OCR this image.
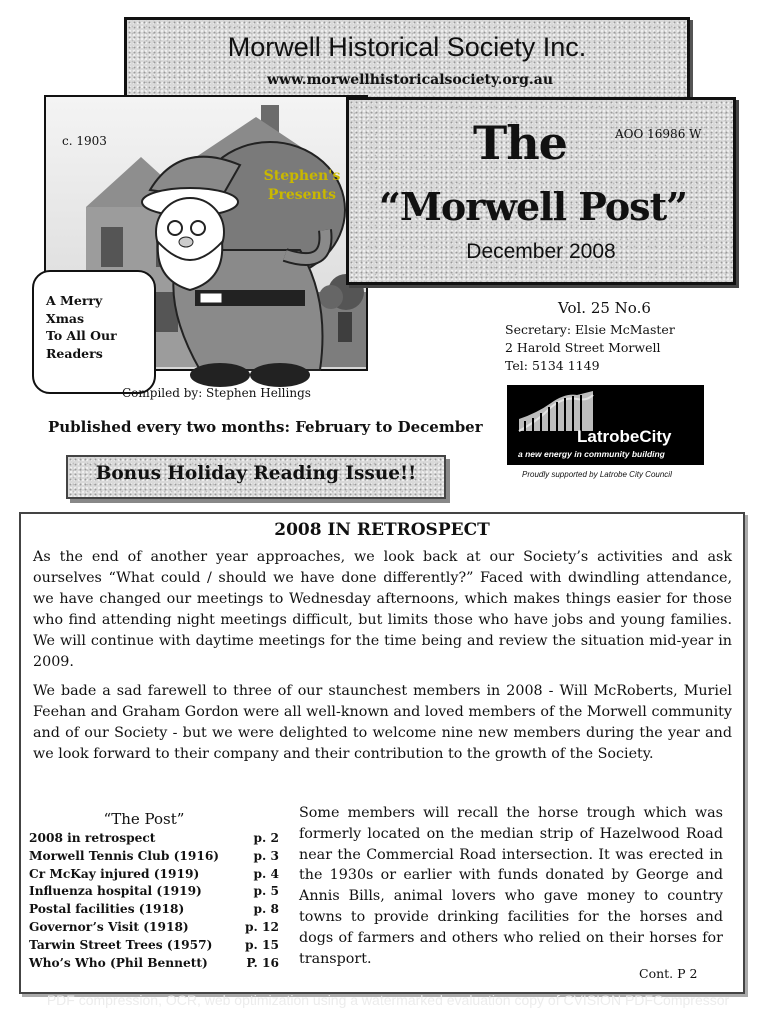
Morwell Historical Society Inc.
www.morwellhistoricalsociety.org.au
c. 1903
Stephen's
Presents
A Merry
Xmas
To All Our
Readers
Compiled by: Stephen Hellings
The	AOO 16986 W
“Morwell Post”
December 2008
Vol. 25 No.6
Secretary: Elsie McMaster
2 Harold Street Morwell
Tel: 5134 1149
LatrobeCity
a new energy in community building
Proudly supported by Latrobe City Council
Published every two months: February to December
Bonus Holiday Reading Issue!!
2008 IN RETROSPECT
As the end of another year approaches, we look back at our Society’s activities and ask ourselves “What could / should we have done differently?” Faced with dwindling attendance, we have changed our meetings to Wednesday afternoons, which makes things easier for those who find attending night meetings difficult, but limits those who have jobs and young families. We will continue with daytime meetings for the time being and review the situation mid-year in 2009.
We bade a sad farewell to three of our staunchest members in 2008 - Will McRoberts, Muriel Feehan and Graham Gordon were all well-known and loved members of the Morwell community and of our Society - but we were delighted to welcome nine new members during the year and we look forward to their company and their contribution to the growth of the Society.
“The Post”
2008 in retrospect	p. 2
Morwell Tennis Club (1916)	p. 3
Cr McKay injured (1919)	p. 4
Influenza hospital (1919)	p. 5
Postal facilities (1918)	p. 8
Governor’s Visit (1918)	p. 12
Tarwin Street Trees (1957)	p. 15
Who’s Who (Phil Bennett)	P. 16
Some members will recall the horse trough which was formerly located on the median strip of Hazelwood Road near the Commercial Road intersection. It was erected in the 1930s or earlier with funds donated by George and Annis Bills, animal lovers who gave money to country towns to provide drinking facilities for the horses and dogs of farmers and others who relied on their horses for transport.
Cont. P 2
PDF compression, OCR, web optimization using a watermarked evaluation copy of CVISION PDFCompressor
